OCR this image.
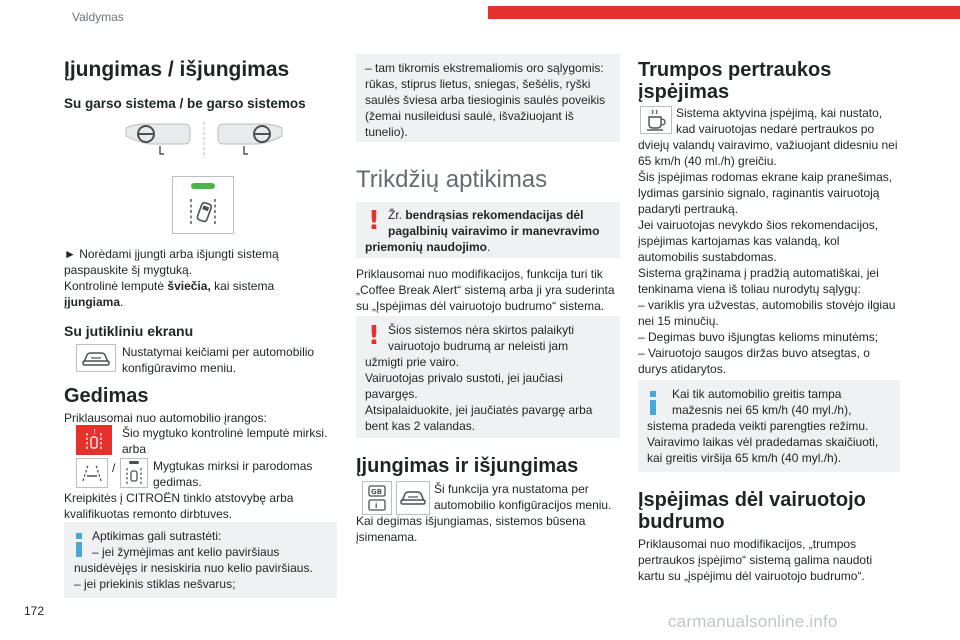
Valdymas
Įjungimas / išjungimas
Su garso sistema / be garso sistemos
► Norėdami įjungti arba išjungti sistemą
paspauskite šį mygtuką.
Kontrolinė lemputė šviečia, kai sistema
įjungiama.
Su jutikliniu ekranu
Nustatymai keičiami per automobilio
konfigūravimo meniu.
Gedimas
Priklausomai nuo automobilio įrangos:
! Šio mygtuko kontrolinė lemputė mirksi.
arba
/	Mygtukas mirksi ir parodomas
gedimas.
Kreipkitės į CITROËN tinklo atstovybę arba
kvalifikuotas remonto dirbtuves.
Aptikimas gali sutrastėti:
– jei žymėjimas ant kelio paviršiaus
nusidėvėjęs ir nesiskiria nuo kelio paviršiaus.
– jei priekinis stiklas nešvarus;
– tam tikromis ekstremaliomis oro sąlygomis:
rūkas, stiprus lietus, sniegas, šešėlis, ryški
saulės šviesa arba tiesioginis saulės poveikis
(žemai nusileidusi saulė, išvažiuojant iš
tunelio).
Trikdžių aptikimas
! Žr. bendrąsias rekomendacijas dėl
pagalbinių vairavimo ir manevravimo
priemonių naudojimo.
Priklausomai nuo modifikacijos, funkcija turi tik
„Coffee Break Alert“ sistemą arba ji yra suderinta
su „Įspėjimas dėl vairuotojo budrumo“ sistema.
! Šios sistemos nėra skirtos palaikyti
vairuotojo budrumą ar neleisti jam
užmigti prie vairo.
Vairuotojas privalo sustoti, jei jaučiasi
pavargęs.
Atsipalaiduokite, jei jaučiatės pavargę arba
bent kas 2 valandas.
Įjungimas ir išjungimas
GB
i
Ši funkcija yra nustatoma per
automobilio konfigūracijos meniu.
Kai degimas išjungiamas, sistemos būsena
įsimenama.
Trumpos pertraukos
įspėjimas
Sistema aktyvina įspėjimą, kai nustato,
kad vairuotojas nedarė pertraukos po
dviejų valandų vairavimo, važiuojant didesniu nei
65 km/h (40 ml./h) greičiu.
Šis įspėjimas rodomas ekrane kaip pranešimas,
lydimas garsinio signalo, raginantis vairuotoją
padaryti pertrauką.
Jei vairuotojas nevykdo šios rekomendacijos,
įspėjimas kartojamas kas valandą, kol
automobilis sustabdomas.
Sistema grąžinama į pradžią automatiškai, jei
tenkinama viena iš toliau nurodytų sąlygų:
– variklis yra užvestas, automobilis stovėjo ilgiau
nei 15 minučių.
– Degimas buvo išjungtas kelioms minutėms;
– Vairuotojo saugos diržas buvo atsegtas, o
durys atidarytos.
Kai tik automobilio greitis tampa
mažesnis nei 65 km/h (40 myl./h),
sistema pradeda veikti parengties režimu.
Vairavimo laikas vėl pradedamas skaičiuoti,
kai greitis viršija 65 km/h (40 myl./h).
Įspėjimas dėl vairuotojo
budrumo
Priklausomai nuo modifikacijos, „trumpos
pertraukos įspėjimo“ sistemą galima naudoti
kartu su „įspėjimu dėl vairuotojo budrumo“.
172
carmanualsonline.info
